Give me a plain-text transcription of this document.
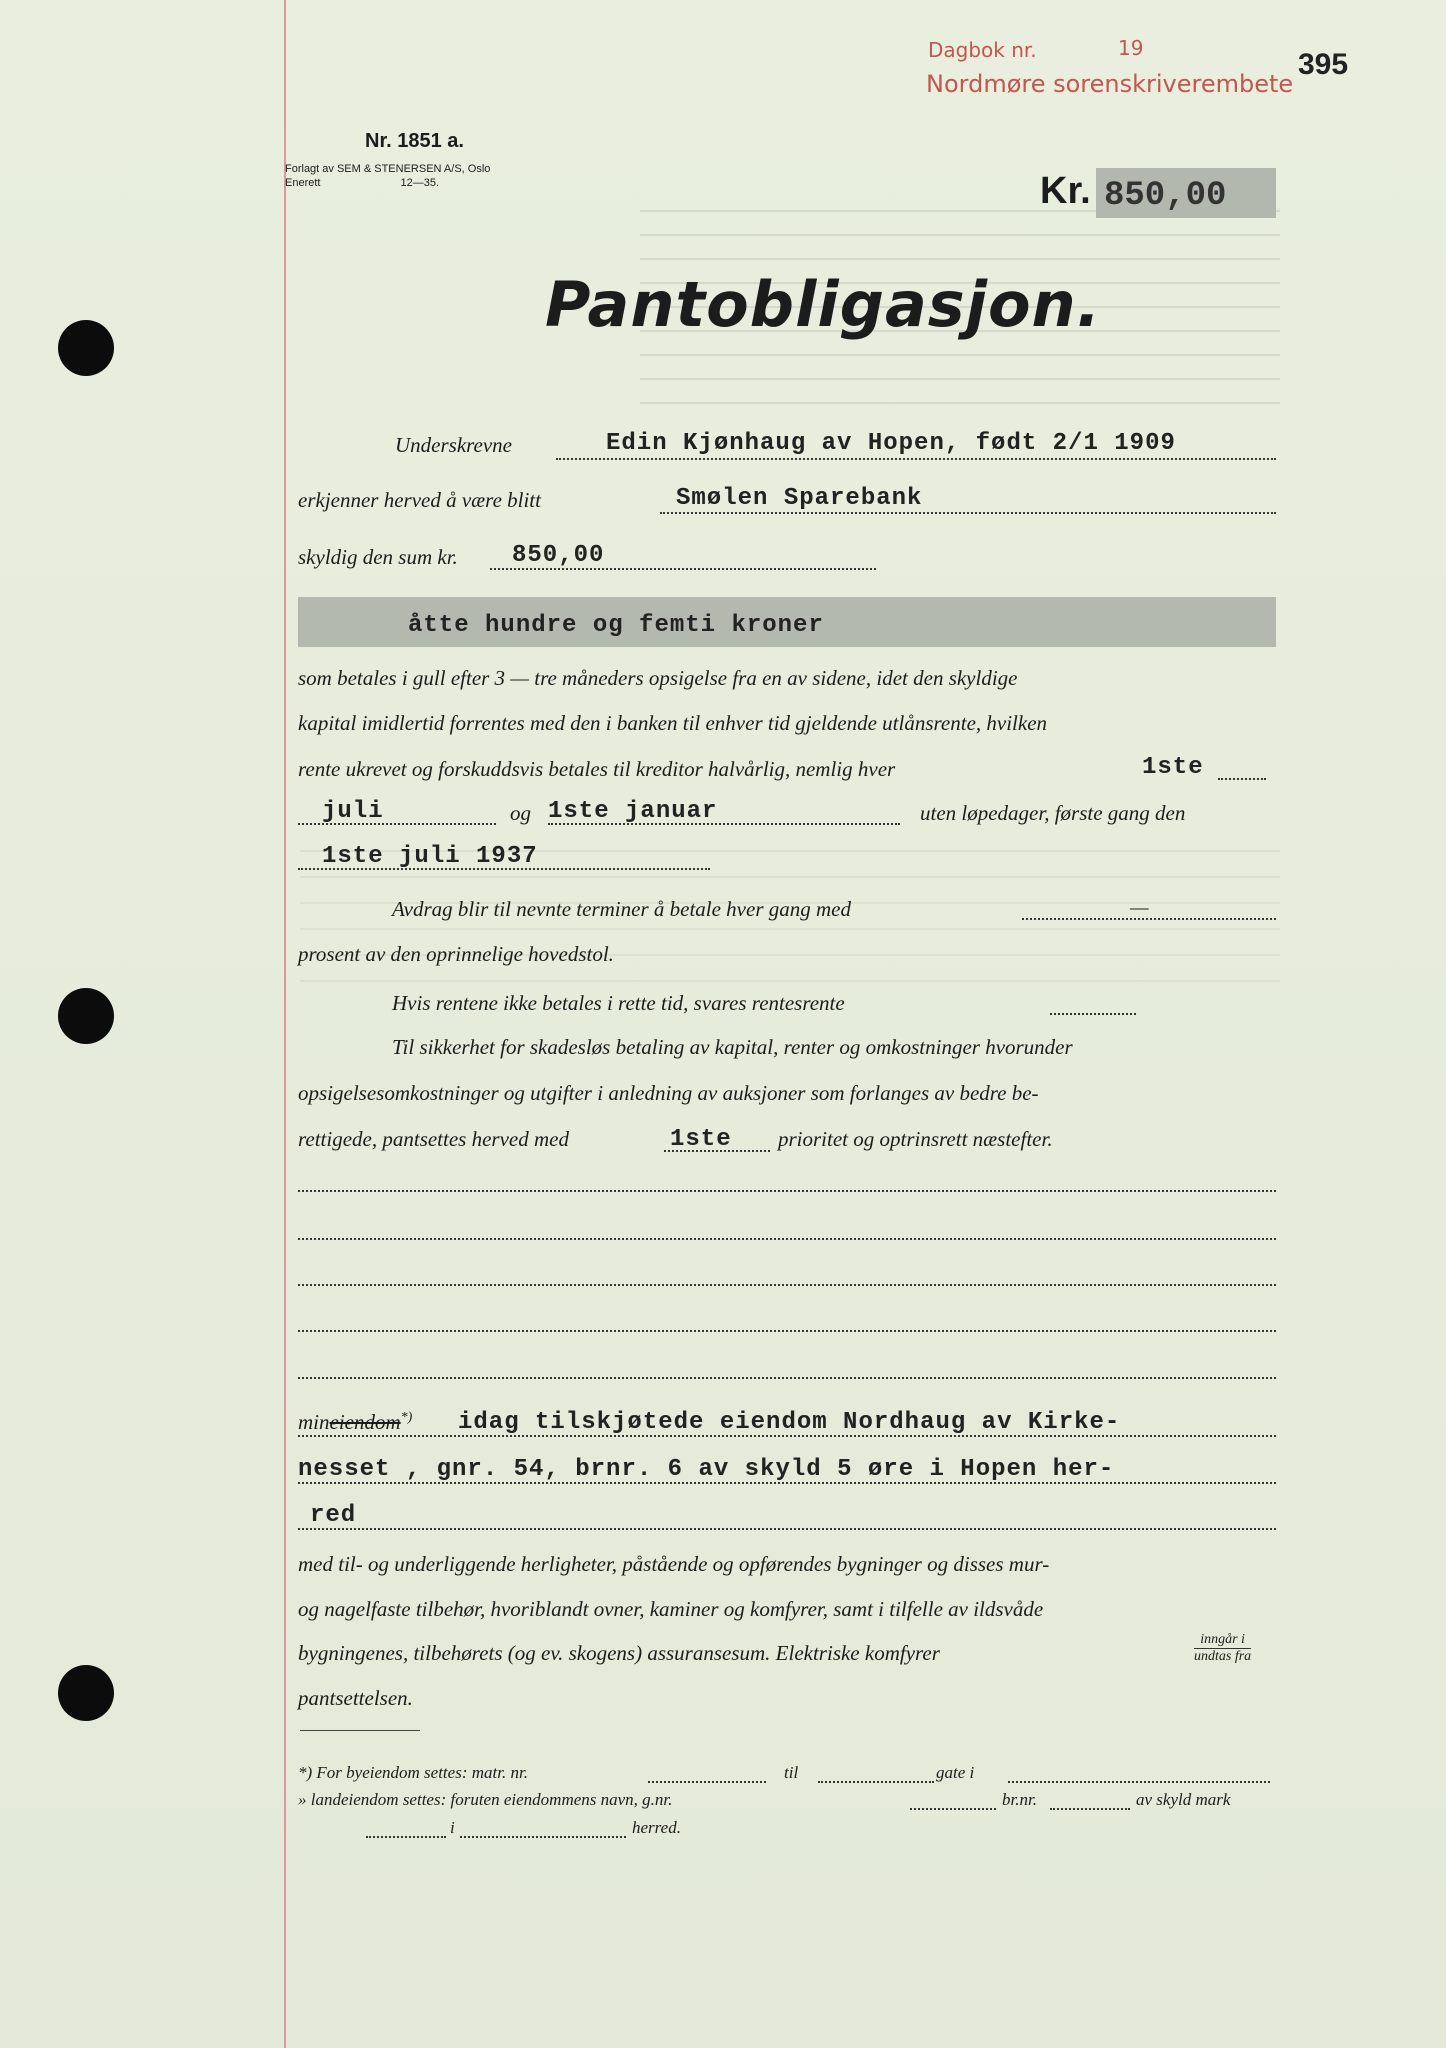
Dagbok nr.	19
Nordmøre sorenskriverembete
395
Nr. 1851 a.
Forlagt av SEM & STENERSEN A/S, Oslo
Enerett	12—35.	Kr. 850,00
Pantobligasjon.
Underskrevne	Edin Kjønhaug av Hopen, født 2/1 1909
erkjenner herved å være blitt	Smølen Sparebank
skyldig den sum kr. 850,00
åtte hundre og femti kroner
som betales i gull efter 3 — tre måneders opsigelse fra en av sidene, idet den skyldige
kapital imidlertid forrentes med den i banken til enhver tid gjeldende utlånsrente, hvilken
rente ukrevet og forskuddsvis betales til kreditor halvårlig, nemlig hver	1ste
juli	og 1ste januar	uten løpedager, første gang den
1ste juli 1937
Avdrag blir til nevnte terminer å betale hver gang med	—
prosent av den oprinnelige hovedstol.
Hvis rentene ikke betales i rette tid, svares rentesrente
Til sikkerhet for skadesløs betaling av kapital, renter og omkostninger hvorunder
opsigelsesomkostninger og utgifter i anledning av auksjoner som forlanges av bedre be-
rettigede, pantsettes herved med	1ste prioritet og optrinsrett næstefter.
mineiendom*) idag tilskjøtede eiendom Nordhaug av Kirke-
nesset , gnr. 54, brnr. 6 av skyld 5 øre i Hopen her-
red
med til- og underliggende herligheter, påstående og opførendes bygninger og disses mur-
og nagelfaste tilbehør, hvoriblandt ovner, kaminer og komfyrer, samt i tilfelle av ildsvåde
bygningenes, tilbehørets (og ev. skogens) assuransesum. Elektriske komfyrer
inngår i
undtas fra
pantsettelsen.
*) For byeiendom settes: matr. nr.	til	gate i
» landeiendom settes: foruten eiendommens navn, g.nr.	br.nr.	av skyld mark
i	herred.
